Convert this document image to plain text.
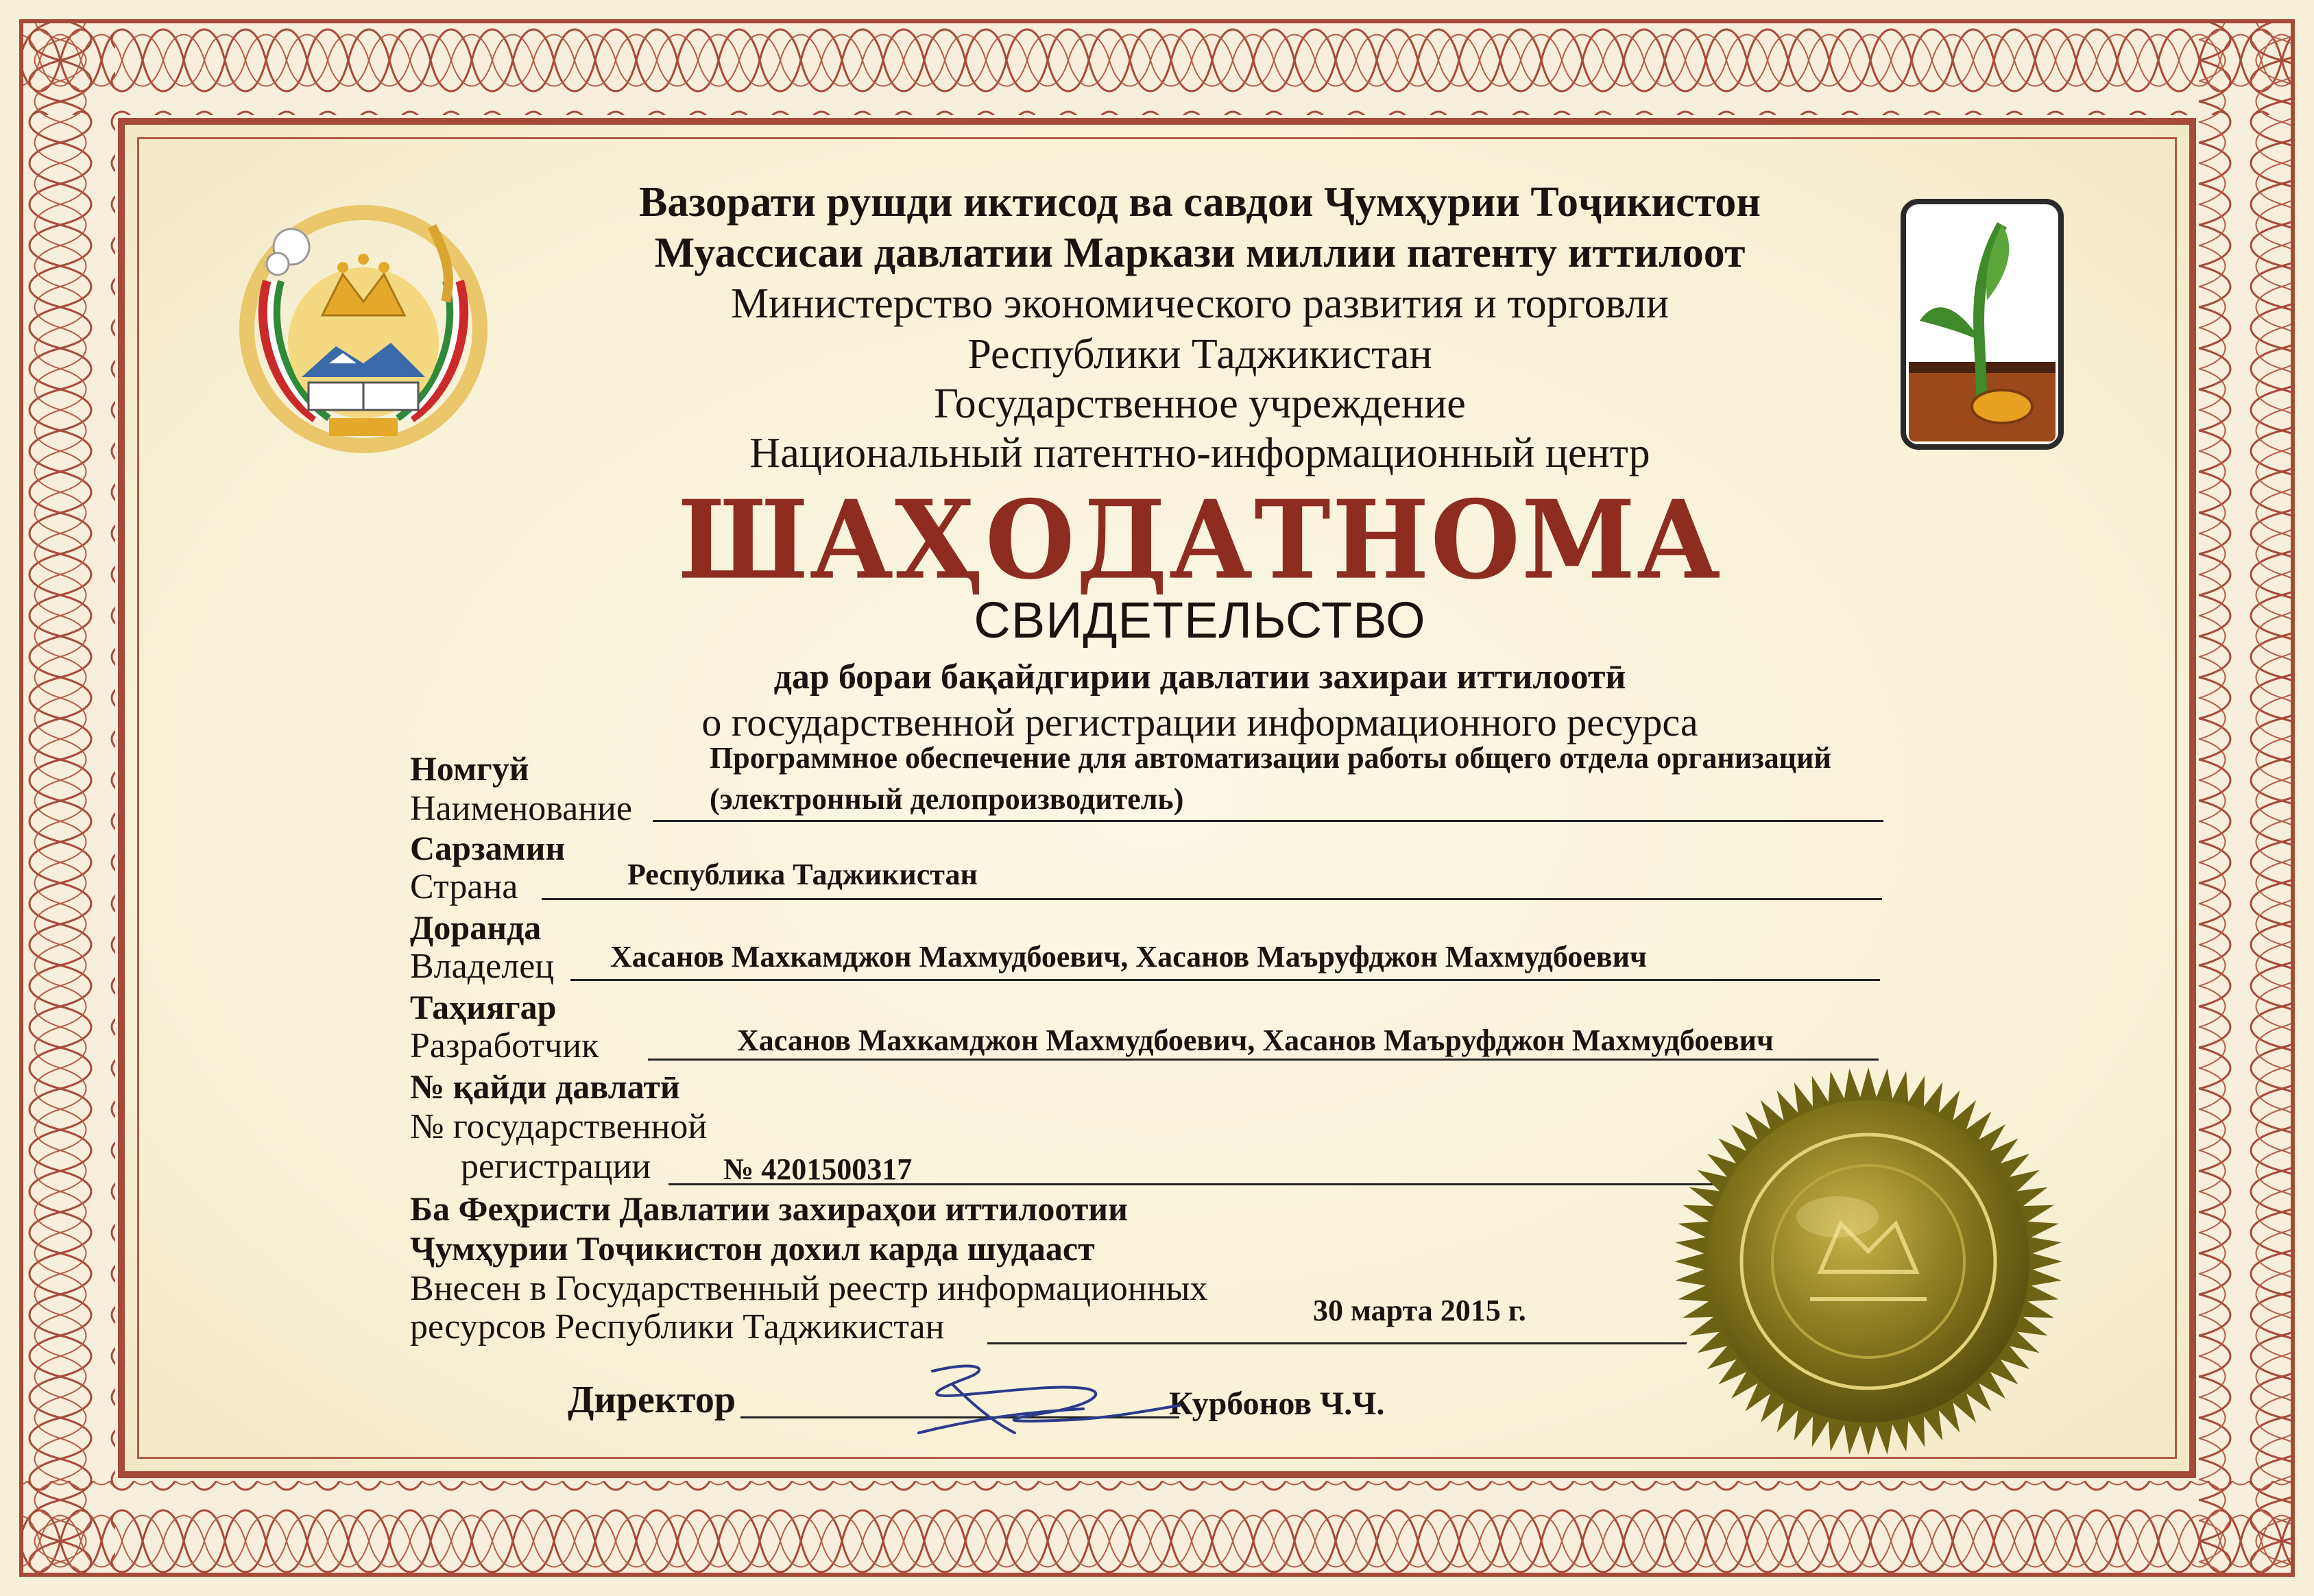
Вазорати рушди иктисод ва савдои Ҷумҳурии Тоҷикистон
Муассисаи давлатии Маркази миллии патенту иттилоот
Министерство экономического развития и торговли
Республики Таджикистан
Государственное учреждение
Национальный патентно-информационный центр
ШАҲОДАТНОМА
СВИДЕТЕЛЬСТВО
дар бораи бақайдгирии давлатии захираи иттилоотӣ
о государственной регистрации информационного ресурса
Номгуй
Наименование
Программное обеспечение для автоматизации работы общего отдела организаций
(электронный делопроизводитель)
Сарзамин
Страна	Республика Таджикистан
Доранда
Владелец Хасанов Махкамджон Махмудбоевич, Хасанов Маъруфджон Махмудбоевич
Таҳиягар
Разработчик	Хасанов Махкамджон Махмудбоевич, Хасанов Маъруфджон Махмудбоевич
№ қайди давлатӣ
№ государственной
регистрации № 4201500317
Ба Феҳристи Давлатии захираҳои иттилоотии
Ҷумҳурии Тоҷикистон дохил карда шудааст
Внесен в Государственный реестр информационных
ресурсов Республики Таджикистан	30 марта 2015 г.
Директор	Курбонов Ч.Ч.
